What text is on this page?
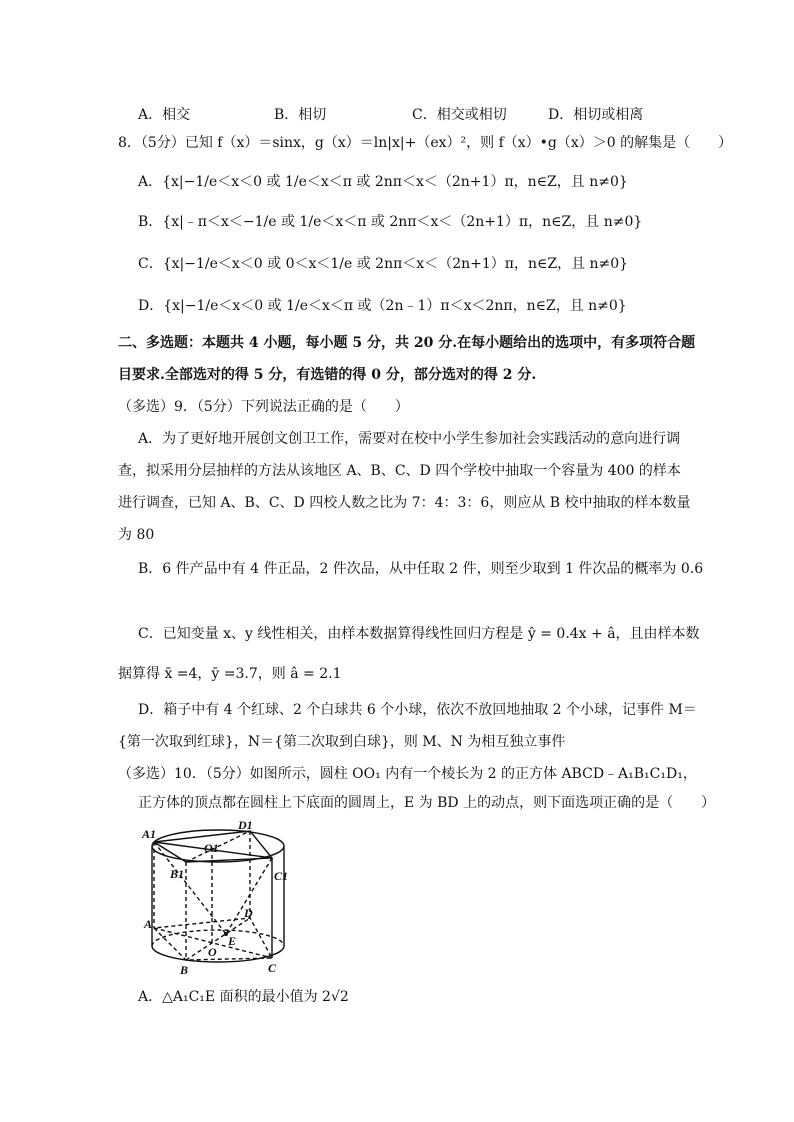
A．相交	B．相切	C．相交或相切	D．相切或相离
8．（5分）已知 f（x）＝sinx，g（x）＝ln|x|+（ex）²，则 f（x）•g（x）＞0 的解集是（　　）
A．{x|−1/e＜x＜0 或 1/e＜x＜π 或 2nπ＜x＜（2n+1）π，n∈Z，且 n≠0}
B．{x|﹣π＜x＜−1/e 或 1/e＜x＜π 或 2nπ＜x＜（2n+1）π，n∈Z，且 n≠0}
C．{x|−1/e＜x＜0 或 0＜x＜1/e 或 2nπ＜x＜（2n+1）π，n∈Z，且 n≠0}
D．{x|−1/e＜x＜0 或 1/e＜x＜π 或（2n﹣1）π＜x＜2nπ，n∈Z，且 n≠0}
二、多选题：本题共 4 小题，每小题 5 分，共 20 分.在每小题给出的选项中，有多项符合题
目要求.全部选对的得 5 分，有选错的得 0 分，部分选对的得 2 分.
（多选）9．（5分）下列说法正确的是（　　）
A．为了更好地开展创文创卫工作，需要对在校中小学生参加社会实践活动的意向进行调
查，拟采用分层抽样的方法从该地区 A、B、C、D 四个学校中抽取一个容量为 400 的样本
进行调查，已知 A、B、C、D 四校人数之比为 7：4：3：6，则应从 B 校中抽取的样本数量
为 80
B．6 件产品中有 4 件正品，2 件次品，从中任取 2 件，则至少取到 1 件次品的概率为 0.6
C．已知变量 x、y 线性相关，由样本数据算得线性回归方程是 ŷ = 0.4x + â，且由样本数
据算得 x̄ =4，ȳ =3.7，则 â = 2.1
D．箱子中有 4 个红球、2 个白球共 6 个小球，依次不放回地抽取 2 个小球，记事件 M＝
{第一次取到红球}，N＝{第二次取到白球}，则 M、N 为相互独立事件
（多选）10．（5分）如图所示，圆柱 OO₁ 内有一个棱长为 2 的正方体 ABCD﹣A₁B₁C₁D₁，
正方体的顶点都在圆柱上下底面的圆周上，E 为 BD 上的动点，则下面选项正确的是（　　）
A1
D1
O1
B1	C1
A
D
E
O
B	C
A．△A₁C₁E 面积的最小值为 2√2
